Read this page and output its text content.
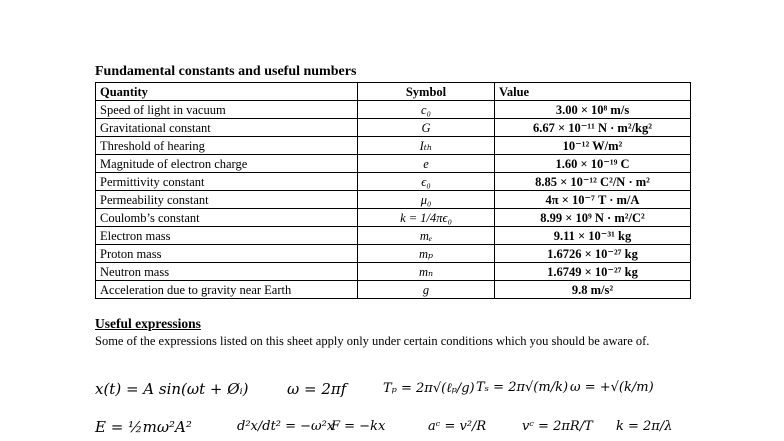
Fundamental constants and useful numbers
Quantity	Symbol	Value
Speed of light in vacuum	c₀	3.00 × 10⁸ m/s
Gravitational constant	G	6.67 × 10⁻¹¹ N · m²/kg²
Threshold of hearing	Iₜₕ	10⁻¹² W/m²
Magnitude of electron charge	e	1.60 × 10⁻¹⁹ C
Permittivity constant	ϵ₀	8.85 × 10⁻¹² C²/N · m²
Permeability constant	μ₀	4π × 10⁻⁷ T · m/A
Coulomb’s constant	k = 1/4πϵ₀	8.99 × 10⁹ N · m²/C²
Electron mass	mₑ	9.11 × 10⁻³¹ kg
Proton mass	mₚ	1.6726 × 10⁻²⁷ kg
Neutron mass	mₙ	1.6749 × 10⁻²⁷ kg
Acceleration due to gravity near Earth	g	9.8 m/s²
Useful expressions
Some of the expressions listed on this sheet apply only under certain conditions which you should be aware of.
x(t) = A sin(ωt + Øᵢ)	ω = 2πf	Tₚ = 2π√(ℓₚ/g) Tₛ = 2π√(m/k) ω = +√(k/m)
E = ½mω²A²	d²x/dt² = −ω²x
F = −kx	aᶜ = v²/R	vᶜ = 2πR/T k = 2π/λ
